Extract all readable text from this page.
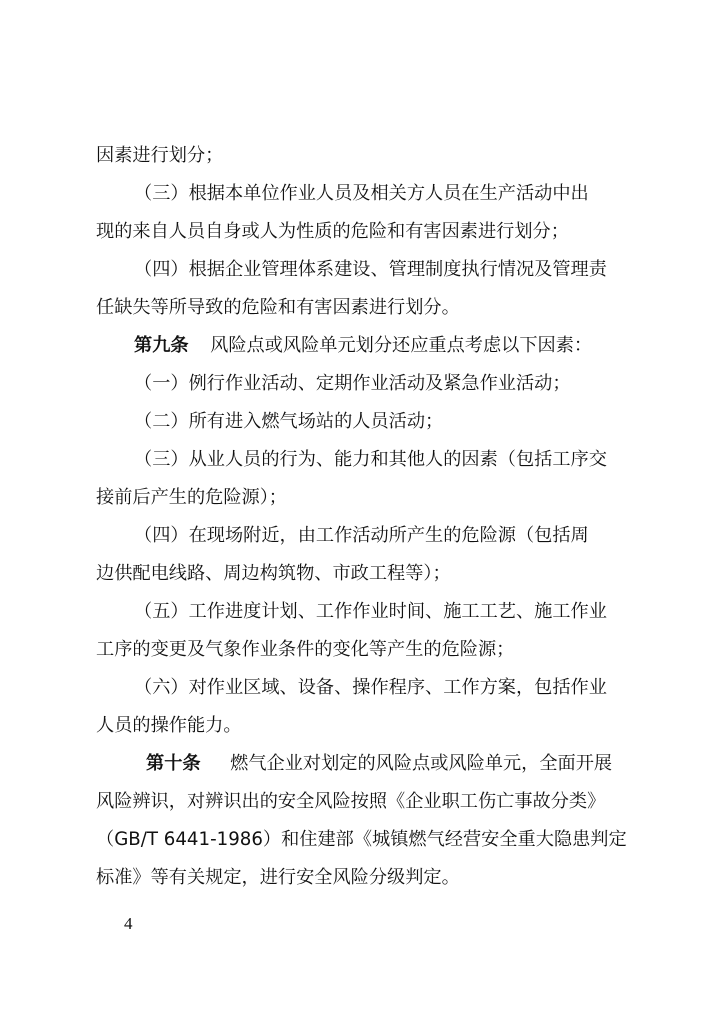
因素进行划分；
（三）根据本单位作业人员及相关方人员在生产活动中出
现的来自人员自身或人为性质的危险和有害因素进行划分；
（四）根据企业管理体系建设、管理制度执行情况及管理责
任缺失等所导致的危险和有害因素进行划分。
第九条 风险点或风险单元划分还应重点考虑以下因素：
（一）例行作业活动、定期作业活动及紧急作业活动；
（二）所有进入燃气场站的人员活动；
（三）从业人员的行为、能力和其他人的因素（包括工序交
接前后产生的危险源）；
（四）在现场附近，由工作活动所产生的危险源（包括周
边供配电线路、周边构筑物、市政工程等）；
（五）工作进度计划、工作作业时间、施工工艺、施工作业
工序的变更及气象作业条件的变化等产生的危险源；
（六）对作业区域、设备、操作程序、工作方案，包括作业
人员的操作能力。
第十条 燃气企业对划定的风险点或风险单元，全面开展
风险辨识，对辨识出的安全风险按照《企业职工伤亡事故分类》
（GB/T 6441-1986）和住建部《城镇燃气经营安全重大隐患判定
标准》等有关规定，进行安全风险分级判定。
4
